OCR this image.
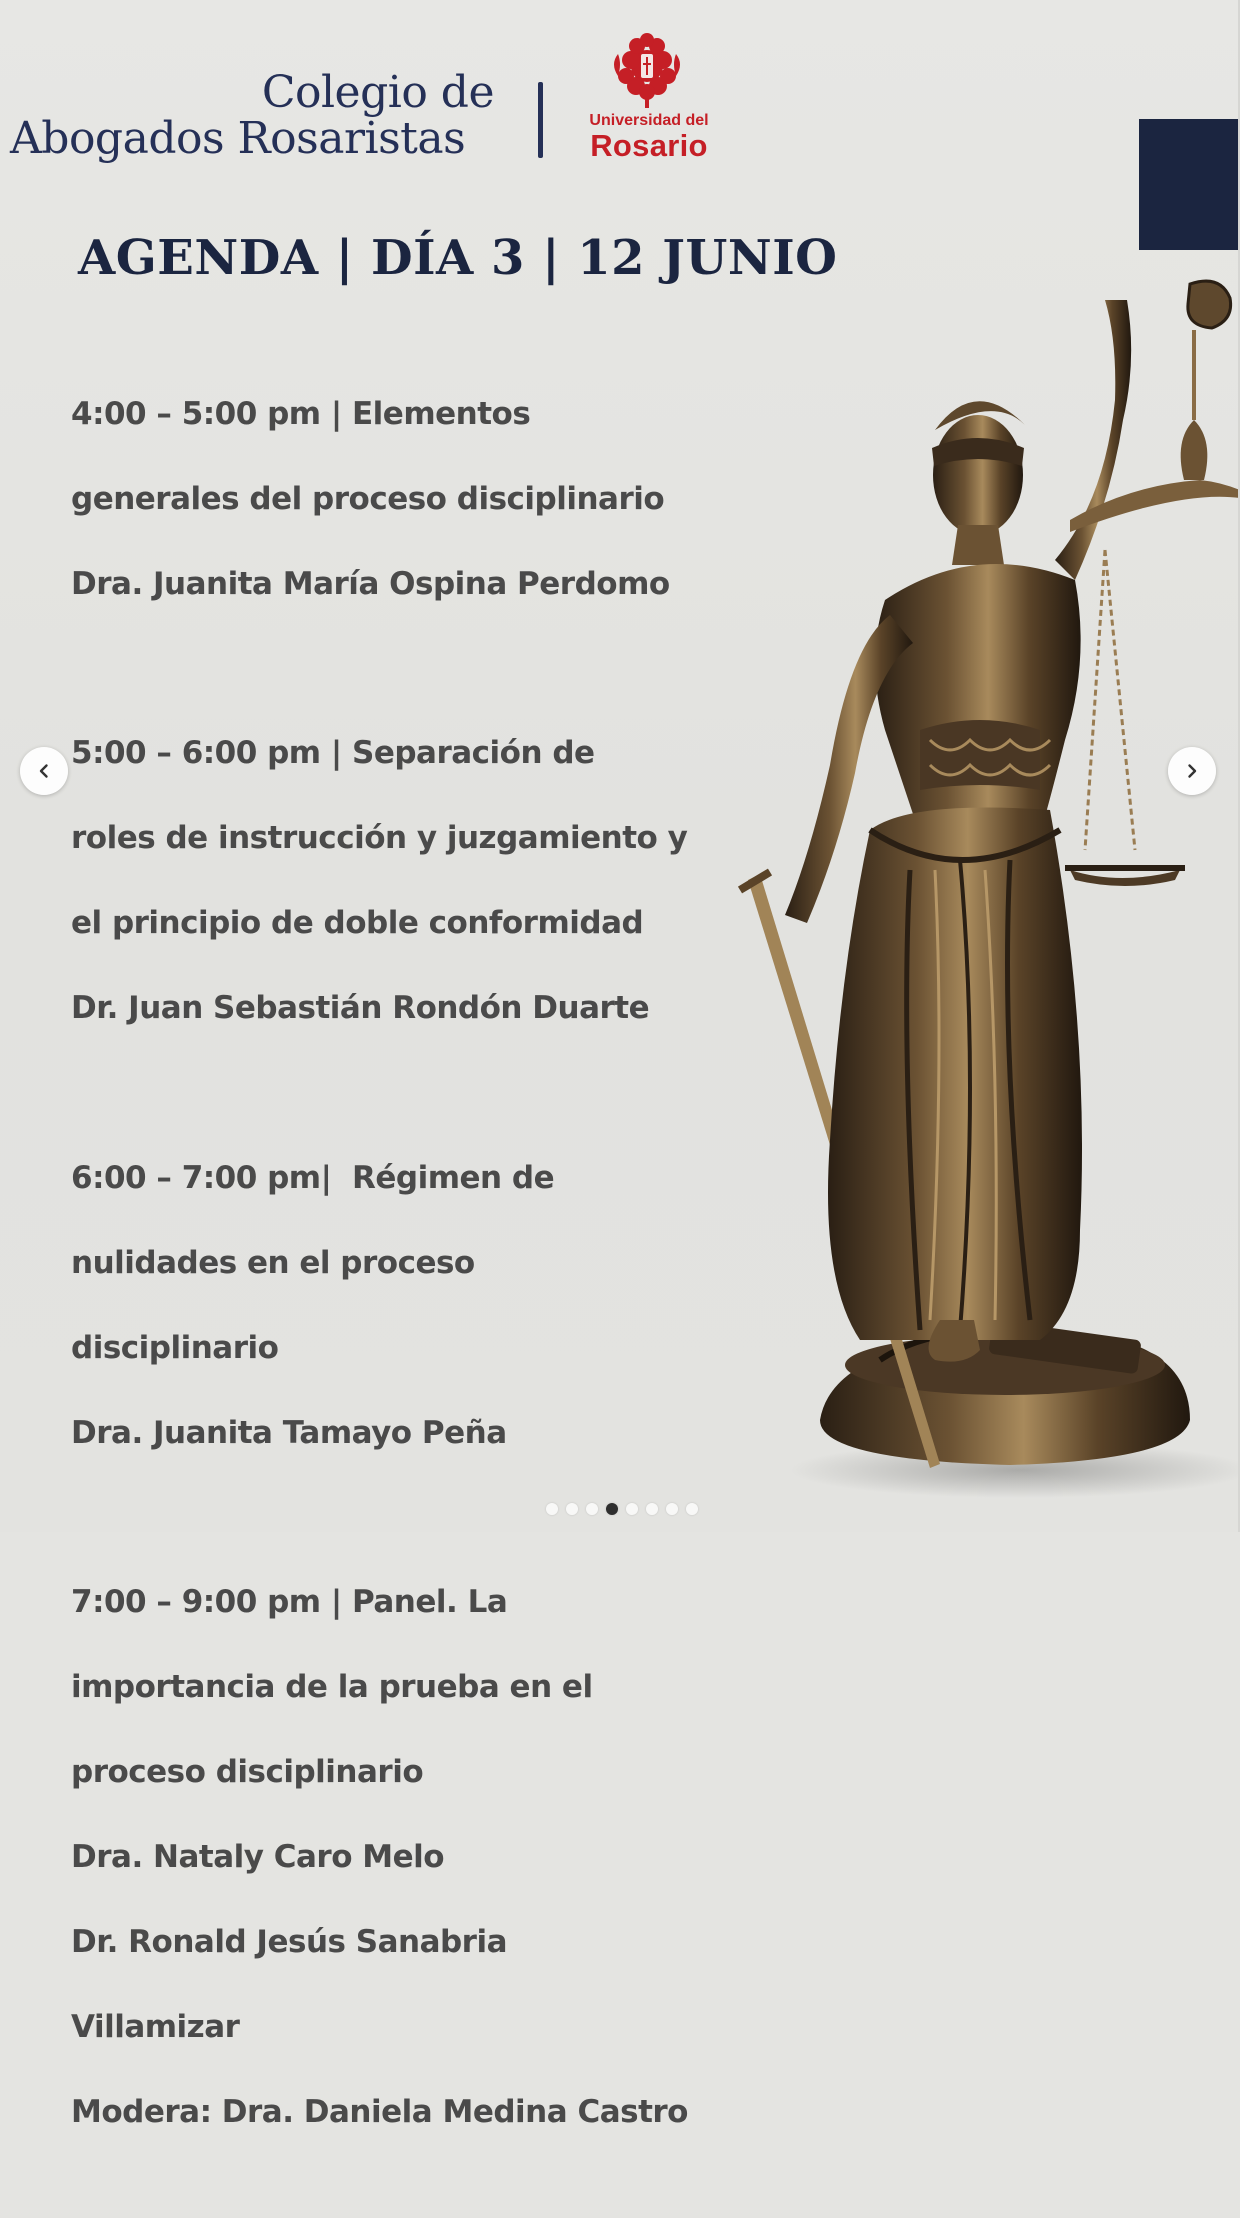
Colegio de
Abogados Rosaristas	Universidad del
Rosario
AGENDA | DÍA 3 | 12 JUNIO

4:00 – 5:00 pm | Elementos

generales del proceso disciplinario

Dra. Juanita María Ospina Perdomo

5:00 – 6:00 pm | Separación de

roles de instrucción y juzgamiento y

el principio de doble conformidad

Dr. Juan Sebastián Rondón Duarte

6:00 – 7:00 pm|  Régimen de

nulidades en el proceso

disciplinario

Dra. Juanita Tamayo Peña

7:00 – 9:00 pm | Panel. La

importancia de la prueba en el

proceso disciplinario

Dra. Nataly Caro Melo

Dr. Ronald Jesús Sanabria

Villamizar

Modera: Dra. Daniela Medina Castro
